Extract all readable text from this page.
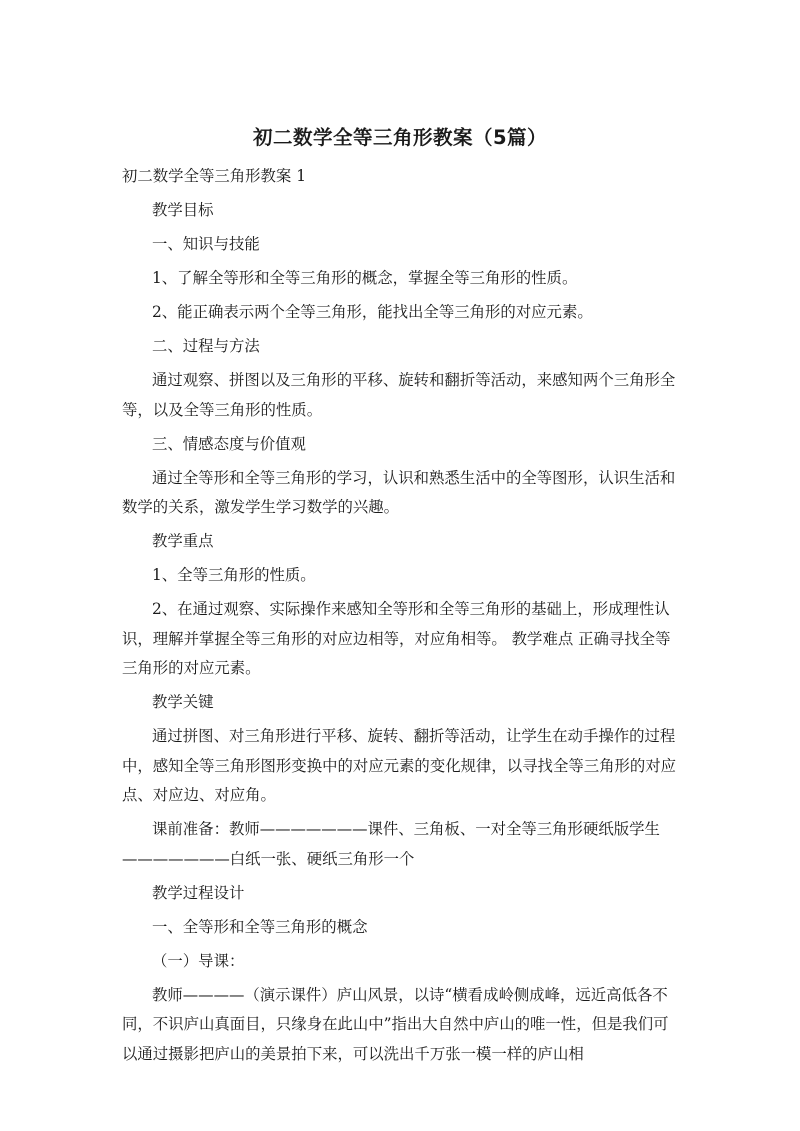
初二数学全等三角形教案（5篇）

初二数学全等三角形教案 1

教学目标

一、知识与技能

1、了解全等形和全等三角形的概念，掌握全等三角形的性质。

2、能正确表示两个全等三角形，能找出全等三角形的对应元素。

二、过程与方法

通过观察、拼图以及三角形的平移、旋转和翻折等活动，来感知两个三角形全等，以及全等三角形的性质。

三、情感态度与价值观

通过全等形和全等三角形的学习，认识和熟悉生活中的全等图形，认识生活和数学的关系，激发学生学习数学的兴趣。

教学重点

1、全等三角形的性质。

2、在通过观察、实际操作来感知全等形和全等三角形的基础上，形成理性认识，理解并掌握全等三角形的对应边相等，对应角相等。 教学难点 正确寻找全等三角形的对应元素。

教学关键

通过拼图、对三角形进行平移、旋转、翻折等活动，让学生在动手操作的过程中，感知全等三角形图形变换中的对应元素的变化规律，以寻找全等三角形的对应点、对应边、对应角。

课前准备：教师———————课件、三角板、一对全等三角形硬纸版学生———————白纸一张、硬纸三角形一个

教学过程设计

一、全等形和全等三角形的概念

（一）导课：

教师————（演示课件）庐山风景，以诗“横看成岭侧成峰，远近高低各不同，不识庐山真面目，只缘身在此山中”指出大自然中庐山的唯一性，但是我们可以通过摄影把庐山的美景拍下来，可以洗出千万张一模一样的庐山相
